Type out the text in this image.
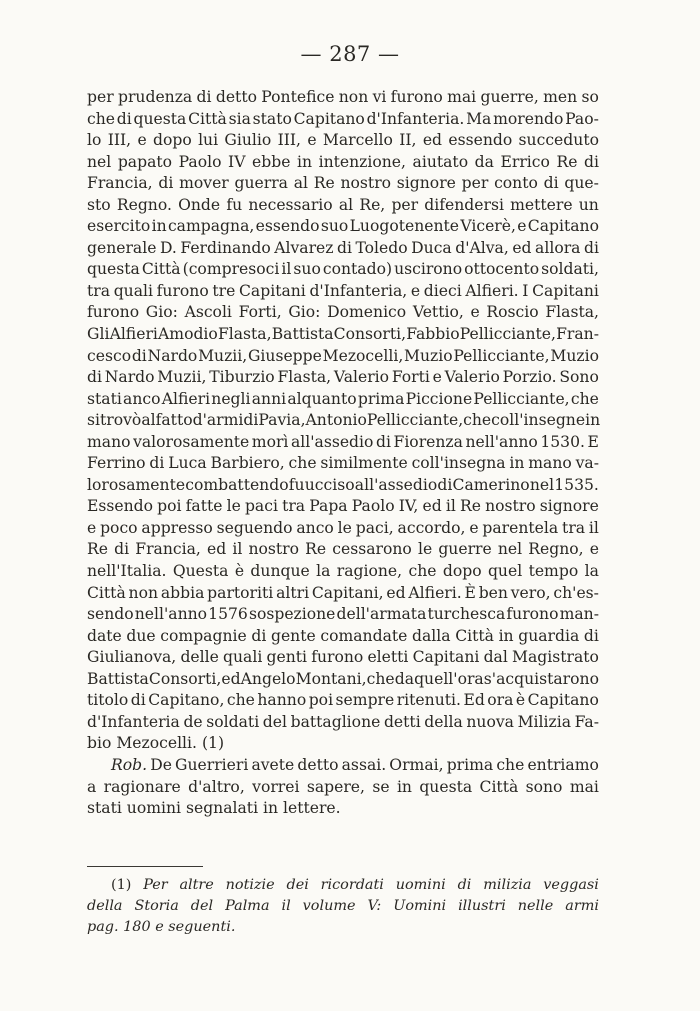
— 287 —
per prudenza di detto Pontefice non vi furono mai guerre, men so
che di questa Città sia stato Capitano d'Infanteria. Ma morendo Pao-
lo III, e dopo lui Giulio III, e Marcello II, ed essendo succeduto
nel papato Paolo IV ebbe in intenzione, aiutato da Errico Re di
Francia, di mover guerra al Re nostro signore per conto di que-
sto Regno. Onde fu necessario al Re, per difendersi mettere un
esercito in campagna, essendo suo Luogotenente Vicerè, e Capitano
generale D. Ferdinando Alvarez di Toledo Duca d'Alva, ed allora di
questa Città (compresoci il suo contado) uscirono ottocento soldati,
tra quali furono tre Capitani d'Infanteria, e dieci Alfieri. I Capitani
furono Gio: Ascoli Forti, Gio: Domenico Vettio, e Roscio Flasta,
Gli Alfieri Amodio Flasta, Battista Consorti, Fabbio Pellicciante, Fran-
cesco di Nardo Muzii, Giuseppe Mezocelli, Muzio Pellicciante, Muzio
di Nardo Muzii, Tiburzio Flasta, Valerio Forti e Valerio Porzio. Sono
stati anco Alfieri negli anni alquanto prima Piccione Pellicciante, che
si trovò al fatto d'armi di Pavia, Antonio Pellicciante, che coll'insegne in
mano valorosamente morì all'assedio di Fiorenza nell'anno 1530. E
Ferrino di Luca Barbiero, che similmente coll'insegna in mano va-
lorosamente combattendo fu ucciso all'assedio di Camerino nel 1535.
Essendo poi fatte le paci tra Papa Paolo IV, ed il Re nostro signore
e poco appresso seguendo anco le paci, accordo, e parentela tra il
Re di Francia, ed il nostro Re cessarono le guerre nel Regno, e
nell'Italia. Questa è dunque la ragione, che dopo quel tempo la
Città non abbia partoriti altri Capitani, ed Alfieri. È ben vero, ch'es-
sendo nell'anno 1576 sospezione dell'armata turchesca furono man-
date due compagnie di gente comandate dalla Città in guardia di
Giulianova, delle quali genti furono eletti Capitani dal Magistrato
Battista Consorti, ed Angelo Montani, che da quell'ora s'acquistarono
titolo di Capitano, che hanno poi sempre ritenuti. Ed ora è Capitano
d'Infanteria de soldati del battaglione detti della nuova Milizia Fa-
bio Mezocelli. (1)
Rob. De Guerrieri avete detto assai. Ormai, prima che entriamo
a ragionare d'altro, vorrei sapere, se in questa Città sono mai
stati uomini segnalati in lettere.
(1) Per altre notizie dei ricordati uomini di milizia veggasi
della Storia del Palma il volume V: Uomini illustri nelle armi
pag. 180 e seguenti.
